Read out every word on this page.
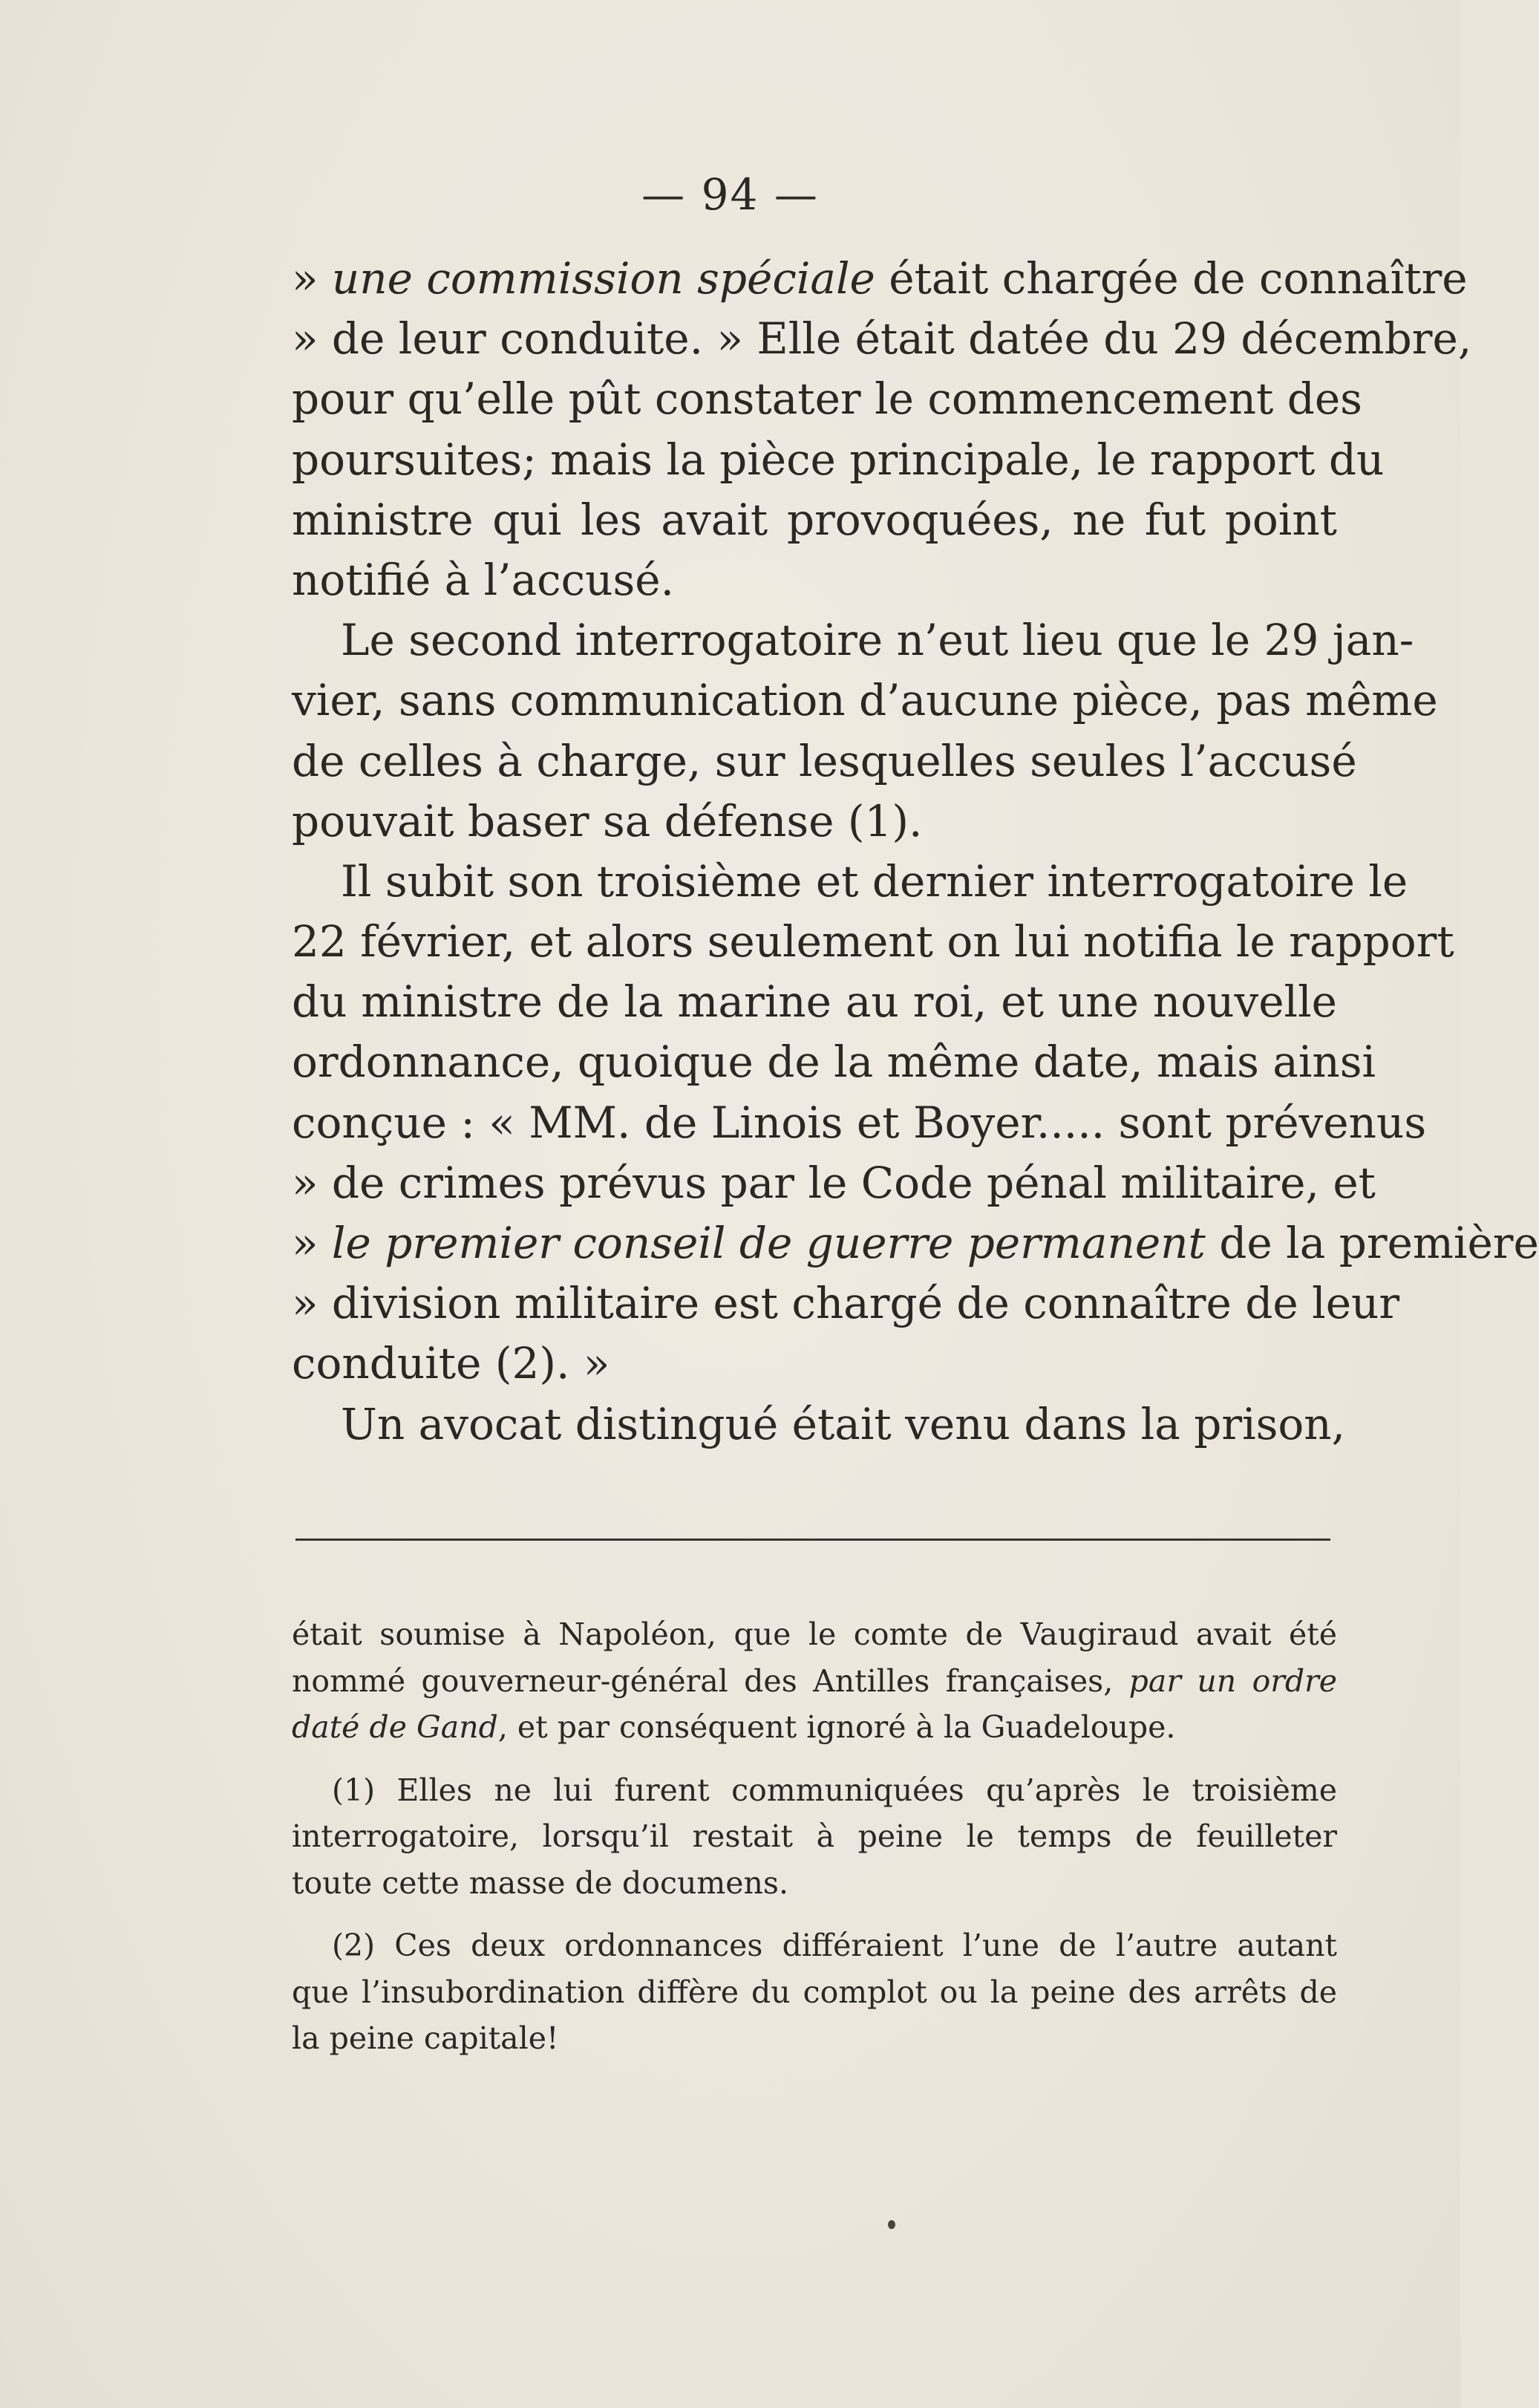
— 94 —
» une commission spéciale était chargée de connaître
» de leur conduite. » Elle était datée du 29 décembre,
pour qu’elle pût constater le commencement des
poursuites; mais la pièce principale, le rapport du
ministre qui les avait provoquées, ne fut point
notifié à l’accusé.
Le second interrogatoire n’eut lieu que le 29 jan-
vier, sans communication d’aucune pièce, pas même
de celles à charge, sur lesquelles seules l’accusé
pouvait baser sa défense (1).
Il subit son troisième et dernier interrogatoire le
22 février, et alors seulement on lui notifia le rapport
du ministre de la marine au roi, et une nouvelle
ordonnance, quoique de la même date, mais ainsi
conçue : « MM. de Linois et Boyer..... sont prévenus
» de crimes prévus par le Code pénal militaire, et
» le premier conseil de guerre permanent de la première
» division militaire est chargé de connaître de leur
conduite (2). »
Un avocat distingué était venu dans la prison,
était soumise à Napoléon, que le comte de Vaugiraud avait été
nommé gouverneur-général des Antilles françaises, par un ordre
daté de Gand, et par conséquent ignoré à la Guadeloupe.
(1) Elles ne lui furent communiquées qu’après le troisième
interrogatoire, lorsqu’il restait à peine le temps de feuilleter
toute cette masse de documens.
(2) Ces deux ordonnances différaient l’une de l’autre autant
que l’insubordination diffère du complot ou la peine des arrêts de
la peine capitale!
